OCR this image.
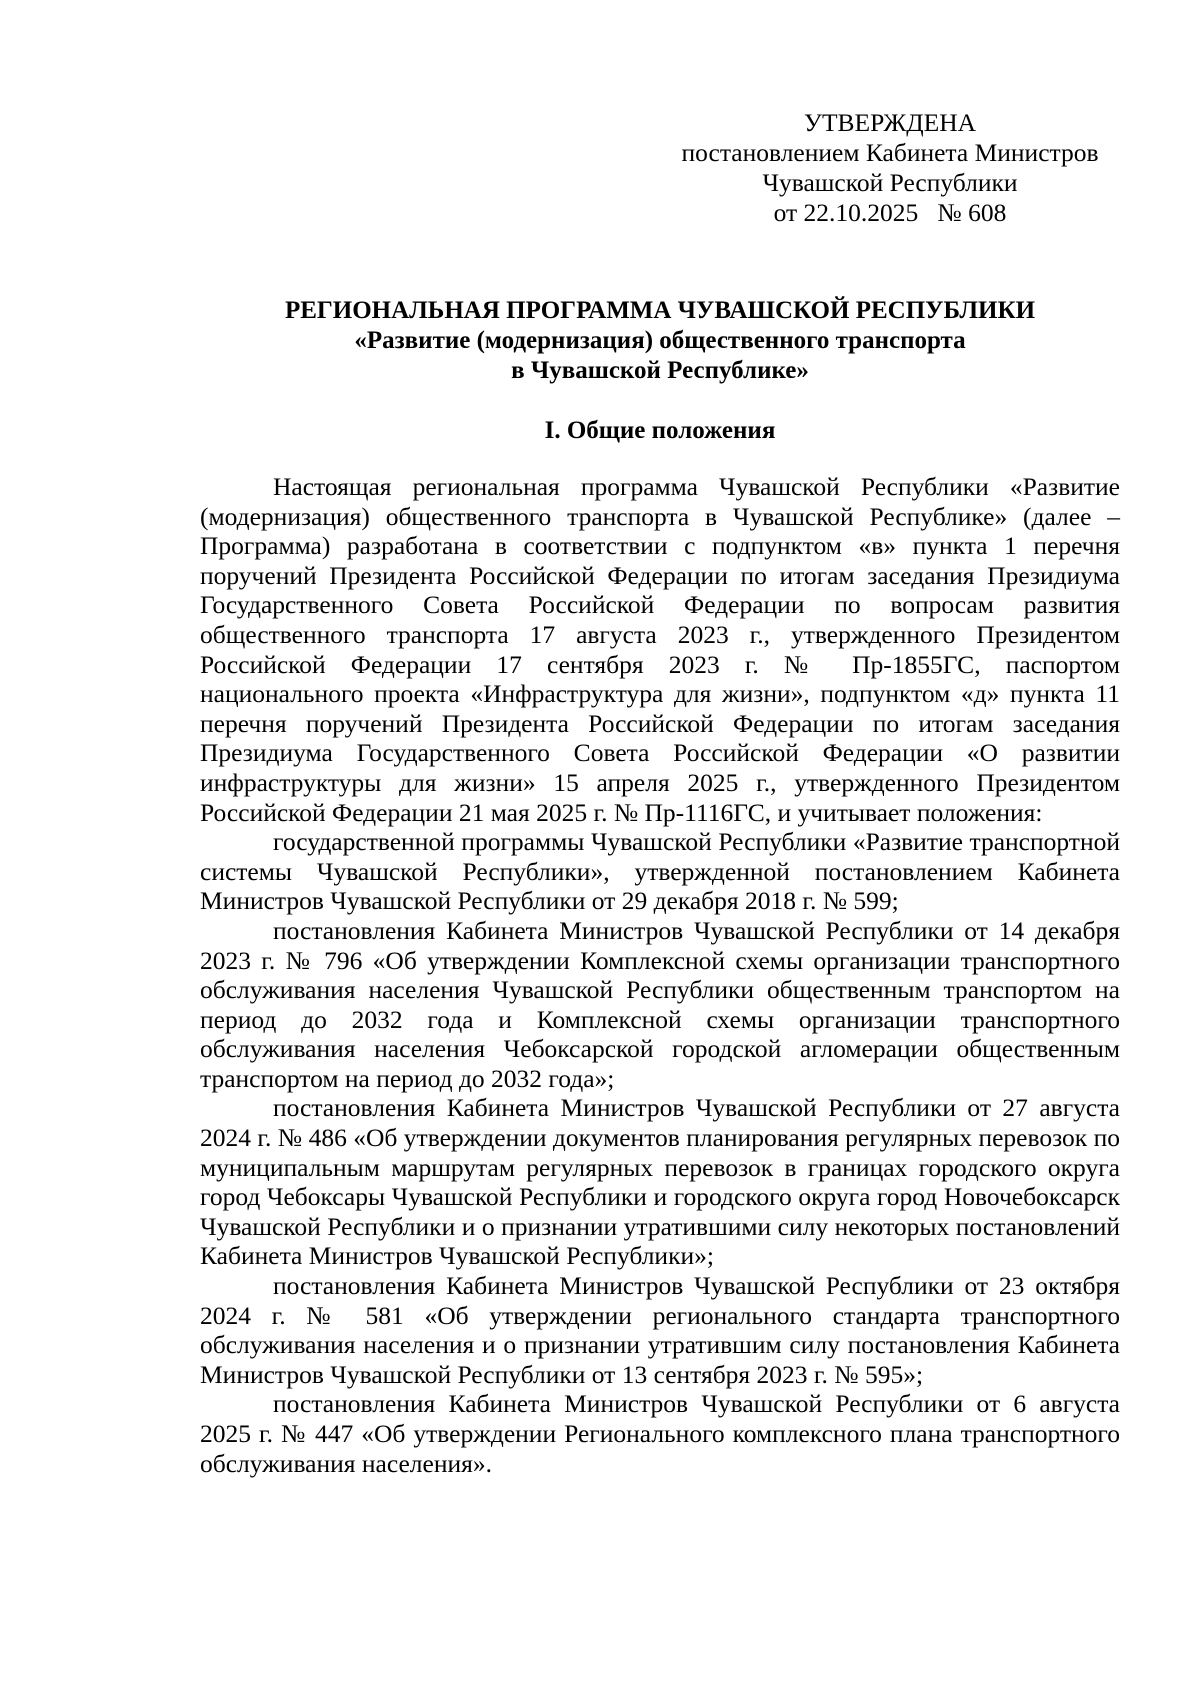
УТВЕРЖДЕНА
постановлением Кабинета Министров
Чувашской Республики
от 22.10.2025   № 608
РЕГИОНАЛЬНАЯ ПРОГРАММА ЧУВАШСКОЙ РЕСПУБЛИКИ
«Развитие (модернизация) общественного транспорта
в Чувашской Республике»
I. Общие положения

Настоящая региональная программа Чувашской Республики «Развитие (модернизация) общественного транспорта в Чувашской Республике» (далее – Программа) разработана в соответствии с подпунктом «в» пункта 1 перечня поручений Президента Российской Федерации по итогам заседания Президиума Государственного Совета Российской Федерации по вопросам развития общественного транспорта 17 августа 2023 г., утвержденного Президентом Российской Федерации 17 сентября 2023 г. № Пр-1855ГС, паспортом национального проекта «Инфраструктура для жизни», подпунктом «д» пункта 11 перечня поручений Президента Российской Федерации по итогам заседания Президиума Государственного Совета Российской Федерации «О развитии инфраструктуры для жизни» 15 апреля 2025 г., утвержденного Президентом Российской Федерации 21 мая 2025 г. № Пр-1116ГС, и учитывает положения:

государственной программы Чувашской Республики «Развитие транспортной системы Чувашской Республики», утвержденной постановлением Кабинета Министров Чувашской Республики от 29 декабря 2018 г. № 599;

постановления Кабинета Министров Чувашской Республики от 14 декабря 2023 г. № 796 «Об утверждении Комплексной схемы организации транспортного обслуживания населения Чувашской Республики общественным транспортом на период до 2032 года и Комплексной схемы организации транспортного обслуживания населения Чебоксарской городской агломерации общественным транспортом на период до 2032 года»;

постановления Кабинета Министров Чувашской Республики от 27 августа 2024 г. № 486 «Об утверждении документов планирования регулярных перевозок по муниципальным маршрутам регулярных перевозок в границах городского округа город Чебоксары Чувашской Республики и городского округа город Новочебоксарск Чувашской Республики и о признании утратившими силу некоторых постановлений Кабинета Министров Чувашской Республики»;

постановления Кабинета Министров Чувашской Республики от 23 октября 2024 г. № 581 «Об утверждении регионального стандарта транспортного обслуживания населения и о признании утратившим силу постановления Кабинета Министров Чувашской Республики от 13 сентября 2023 г. № 595»;

постановления Кабинета Министров Чувашской Республики от 6 августа 2025 г. № 447 «Об утверждении Регионального комплексного плана транспортного обслуживания населения».
